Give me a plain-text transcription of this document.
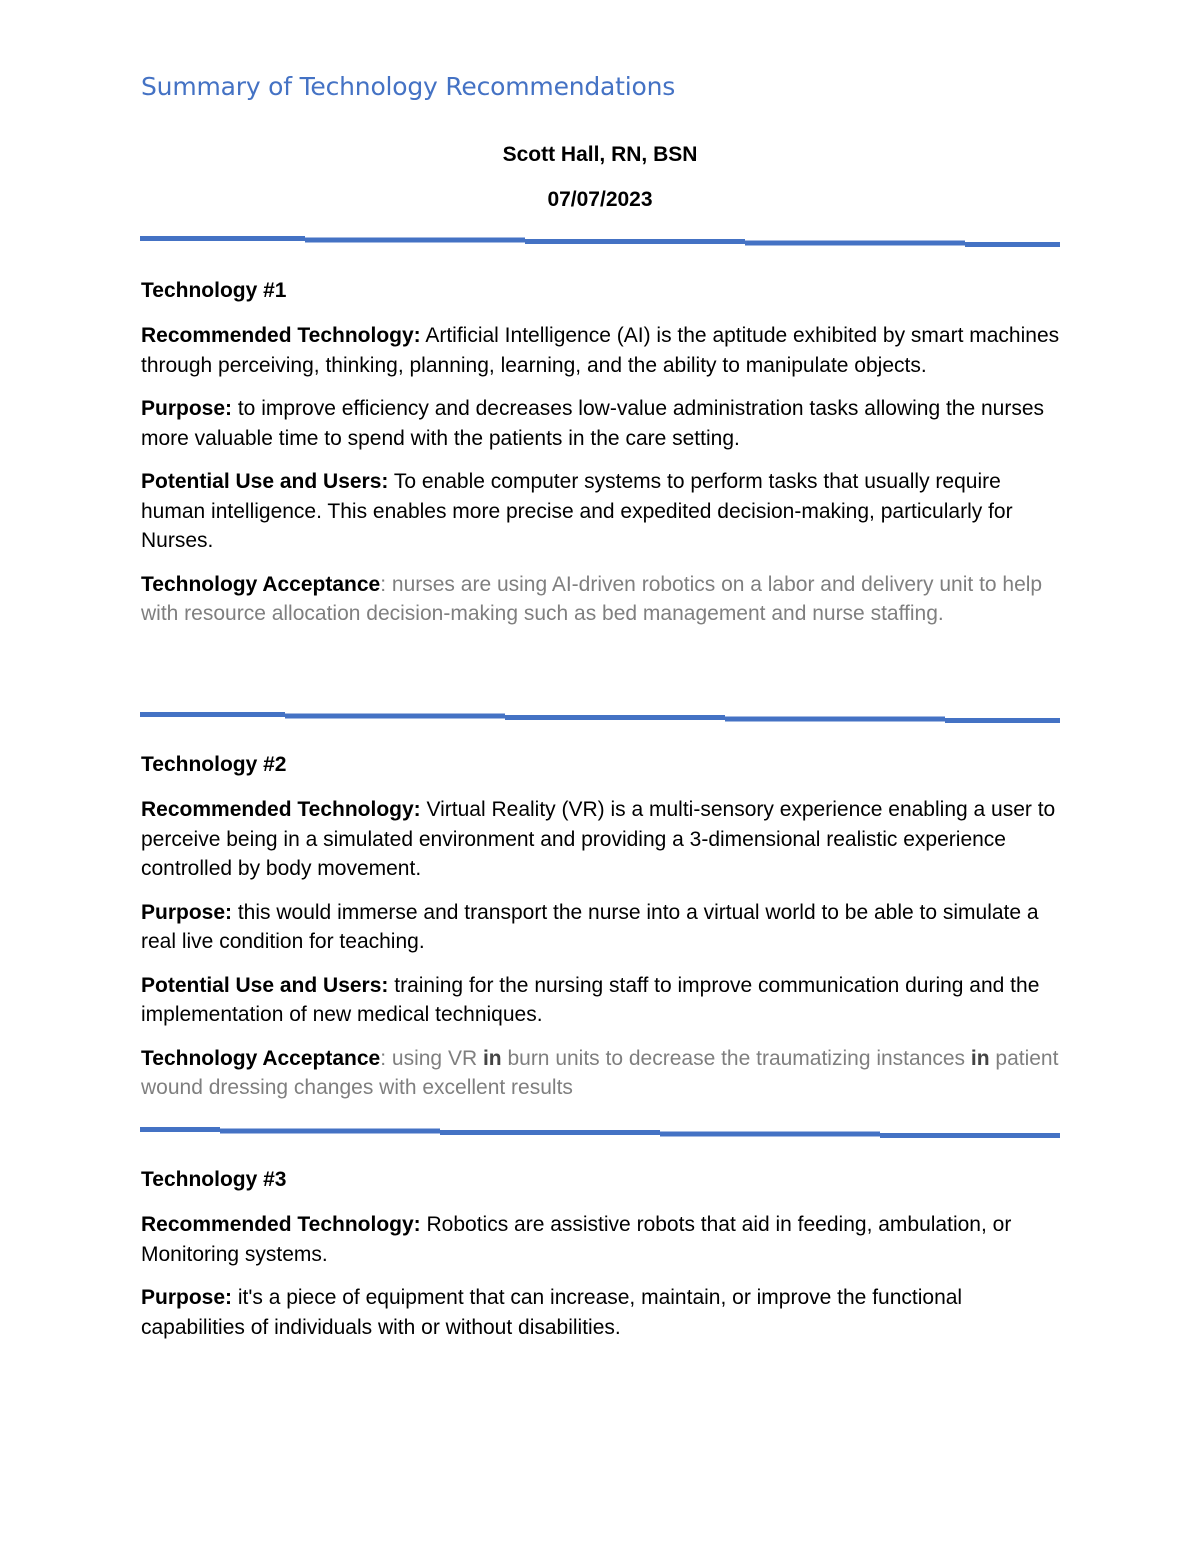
Summary of Technology Recommendations

Scott Hall, RN, BSN

07/07/2023

Technology #1

Recommended Technology: Artificial Intelligence (AI) is the aptitude exhibited by smart machines through perceiving, thinking, planning, learning, and the ability to manipulate objects.

Purpose: to improve efficiency and decreases low-value administration tasks allowing the nurses more valuable time to spend with the patients in the care setting.

Potential Use and Users: To enable computer systems to perform tasks that usually require human intelligence. This enables more precise and expedited decision-making, particularly for Nurses.

Technology Acceptance: nurses are using AI-driven robotics on a labor and delivery unit to help with resource allocation decision-making such as bed management and nurse staffing.

Technology #2

Recommended Technology: Virtual Reality (VR) is a multi-sensory experience enabling a user to perceive being in a simulated environment and providing a 3-dimensional realistic experience controlled by body movement.

Purpose: this would immerse and transport the nurse into a virtual world to be able to simulate a real live condition for teaching.

Potential Use and Users: training for the nursing staff to improve communication during and the implementation of new medical techniques.

Technology Acceptance: using VR in burn units to decrease the traumatizing instances in patient wound dressing changes with excellent results

Technology #3

Recommended Technology: Robotics are assistive robots that aid in feeding, ambulation, or Monitoring systems.

Purpose: it's a piece of equipment that can increase, maintain, or improve the functional capabilities of individuals with or without disabilities.
